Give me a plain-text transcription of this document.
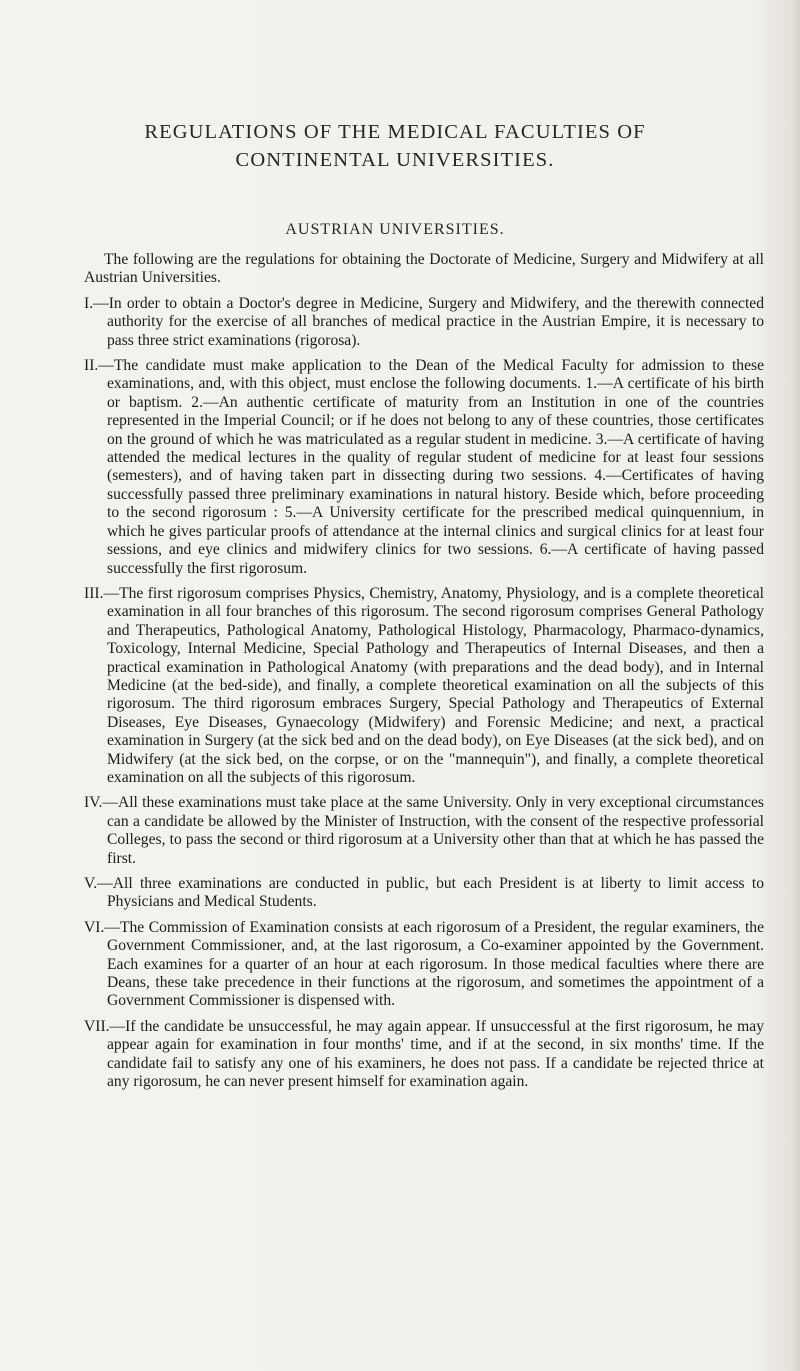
REGULATIONS OF THE MEDICAL FACULTIES OF CONTINENTAL UNIVERSITIES.
AUSTRIAN UNIVERSITIES.

The following are the regulations for obtaining the Doctorate of Medicine, Surgery and Midwifery at all Austrian Universities.

I.—In order to obtain a Doctor's degree in Medicine, Surgery and Midwifery, and the therewith connected authority for the exercise of all branches of medical practice in the Austrian Empire, it is necessary to pass three strict examinations (rigorosa).

II.—The candidate must make application to the Dean of the Medical Faculty for admission to these examinations, and, with this object, must enclose the following documents. 1.—A certificate of his birth or baptism. 2.—An authentic certificate of maturity from an Institution in one of the countries represented in the Imperial Council; or if he does not belong to any of these countries, those certificates on the ground of which he was matriculated as a regular student in medicine. 3.—A certificate of having attended the medical lectures in the quality of regular student of medicine for at least four sessions (semesters), and of having taken part in dissecting during two sessions. 4.—Certificates of having successfully passed three preliminary examinations in natural history. Beside which, before proceeding to the second rigorosum : 5.—A University certificate for the prescribed medical quinquennium, in which he gives particular proofs of attendance at the internal clinics and surgical clinics for at least four sessions, and eye clinics and midwifery clinics for two sessions. 6.—A certificate of having passed successfully the first rigorosum.

III.—The first rigorosum comprises Physics, Chemistry, Anatomy, Physiology, and is a complete theoretical examination in all four branches of this rigorosum. The second rigorosum comprises General Pathology and Therapeutics, Pathological Anatomy, Pathological Histology, Pharmacology, Pharmaco-dynamics, Toxicology, Internal Medicine, Special Pathology and Therapeutics of Internal Diseases, and then a practical examination in Pathological Anatomy (with preparations and the dead body), and in Internal Medicine (at the bed-side), and finally, a complete theoretical examination on all the subjects of this rigorosum. The third rigorosum embraces Surgery, Special Pathology and Therapeutics of External Diseases, Eye Diseases, Gynaecology (Midwifery) and Forensic Medicine; and next, a practical examination in Surgery (at the sick bed and on the dead body), on Eye Diseases (at the sick bed), and on Midwifery (at the sick bed, on the corpse, or on the "mannequin"), and finally, a complete theoretical examination on all the subjects of this rigorosum.

IV.—All these examinations must take place at the same University. Only in very exceptional circumstances can a candidate be allowed by the Minister of Instruction, with the consent of the respective professorial Colleges, to pass the second or third rigorosum at a University other than that at which he has passed the first.

V.—All three examinations are conducted in public, but each President is at liberty to limit access to Physicians and Medical Students.

VI.—The Commission of Examination consists at each rigorosum of a President, the regular examiners, the Government Commissioner, and, at the last rigorosum, a Co-examiner appointed by the Government. Each examines for a quarter of an hour at each rigorosum. In those medical faculties where there are Deans, these take precedence in their functions at the rigorosum, and sometimes the appointment of a Government Commissioner is dispensed with.

VII.—If the candidate be unsuccessful, he may again appear. If unsuccessful at the first rigorosum, he may appear again for examination in four months' time, and if at the second, in six months' time. If the candidate fail to satisfy any one of his examiners, he does not pass. If a candidate be rejected thrice at any rigorosum, he can never present himself for examination again.
